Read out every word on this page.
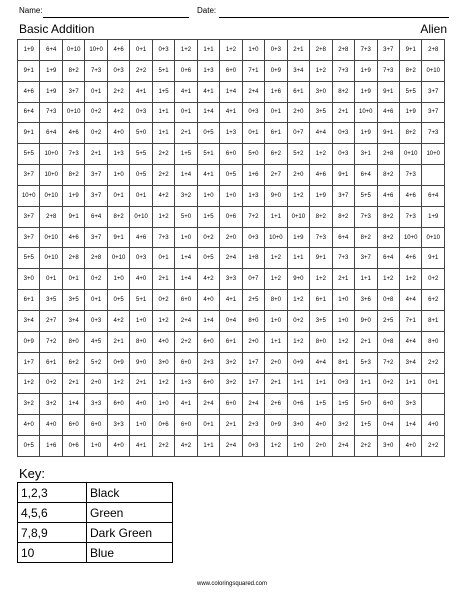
Name:	Date:
Basic Addition	Alien
1+9	6+4	0+10	10+0	4+6	0+1	0+3	1+2	1+1	1+2	1+0	0+3	2+1	2+8	2+8	7+3	3+7	9+1	2+8
9+1	1+9	8+2	7+3	0+3	2+2	5+1	0+6	1+3	6+0	7+1	0+9	3+4	1+2	7+3	1+9	7+3	8+2	0+10
4+6	1+9	3+7	0+1	2+2	4+1	1+5	4+1	4+1	1+4	2+4	1+6	6+1	3+0	8+2	1+9	9+1	5+5	3+7
6+4	7+3	0+10	0+2	4+2	0+3	1+1	0+1	1+4	4+1	0+3	0+1	2+0	3+5	2+1	10+0	4+6	1+9	3+7
9+1	6+4	4+6	0+2	4+0	5+0	1+1	2+1	0+5	1+3	0+1	6+1	0+7	4+4	0+3	1+9	9+1	8+2	7+3
5+5	10+0	7+3	2+1	1+3	5+5	2+2	1+5	5+1	6+0	5+0	6+2	5+2	1+2	0+3	3+1	2+8	0+10	10+0
3+7	10+0	8+2	3+7	1+0	0+5	2+2	1+4	4+1	0+5	1+6	2+7	2+0	4+6	9+1	6+4	8+2	7+3	
10+0	0+10	1+9	3+7	0+1	0+1	4+2	3+2	1+0	1+0	1+3	9+0	1+2	1+9	3+7	5+5	4+6	4+6	6+4
3+7	2+8	9+1	6+4	8+2	0+10	1+2	5+0	1+5	0+6	7+2	1+1	0+10	8+2	8+2	7+3	8+2	7+3	1+9
3+7	0+10	4+6	3+7	9+1	4+6	7+3	1+0	0+2	2+0	0+3	10+0	1+9	7+3	6+4	8+2	8+2	10+0	0+10
5+5	0+10	2+8	2+8	0+10	0+3	0+1	1+4	0+5	2+4	1+8	1+2	1+1	9+1	7+3	3+7	6+4	4+6	9+1
3+0	0+1	0+1	0+2	1+0	4+0	2+1	1+4	4+2	3+3	0+7	1+2	9+0	1+2	2+1	1+1	1+2	1+2	0+2
6+1	3+5	3+5	0+1	0+5	5+1	0+2	6+0	4+0	4+1	2+5	8+0	1+2	6+1	1+0	3+6	0+8	4+4	6+2
3+4	2+7	3+4	0+3	4+2	1+0	1+2	2+4	1+4	0+4	8+0	1+0	0+2	3+5	1+0	9+0	2+5	7+1	8+1
0+9	7+2	8+0	4+5	2+1	8+0	4+0	2+2	6+0	6+1	2+0	1+1	1+2	8+0	1+2	2+1	0+8	4+4	8+0
1+7	6+1	6+2	5+2	0+9	9+0	3+0	6+0	2+3	3+2	1+7	2+0	0+9	4+4	8+1	5+3	7+2	3+4	2+2
1+2	0+2	2+1	2+0	1+2	2+1	1+2	1+3	6+0	3+2	1+7	2+1	1+1	1+1	0+3	1+1	0+2	1+1	0+1
3+2	3+2	1+4	3+3	6+0	4+0	1+0	4+1	2+4	6+0	2+4	2+6	0+6	1+5	1+5	5+0	6+0	3+3	
4+0	4+0	6+0	6+0	3+3	1+0	0+6	6+0	0+1	2+1	2+3	0+9	3+0	4+0	3+2	1+5	0+4	1+4	4+0
0+5	1+6	0+6	1+0	4+0	4+1	2+2	4+2	1+1	2+4	0+3	1+2	1+0	2+0	2+4	2+2	3+0	4+0	2+2
Key:
1,2,3	Black
4,5,6	Green
7,8,9	Dark Green
10	Blue
www.coloringsquared.com
